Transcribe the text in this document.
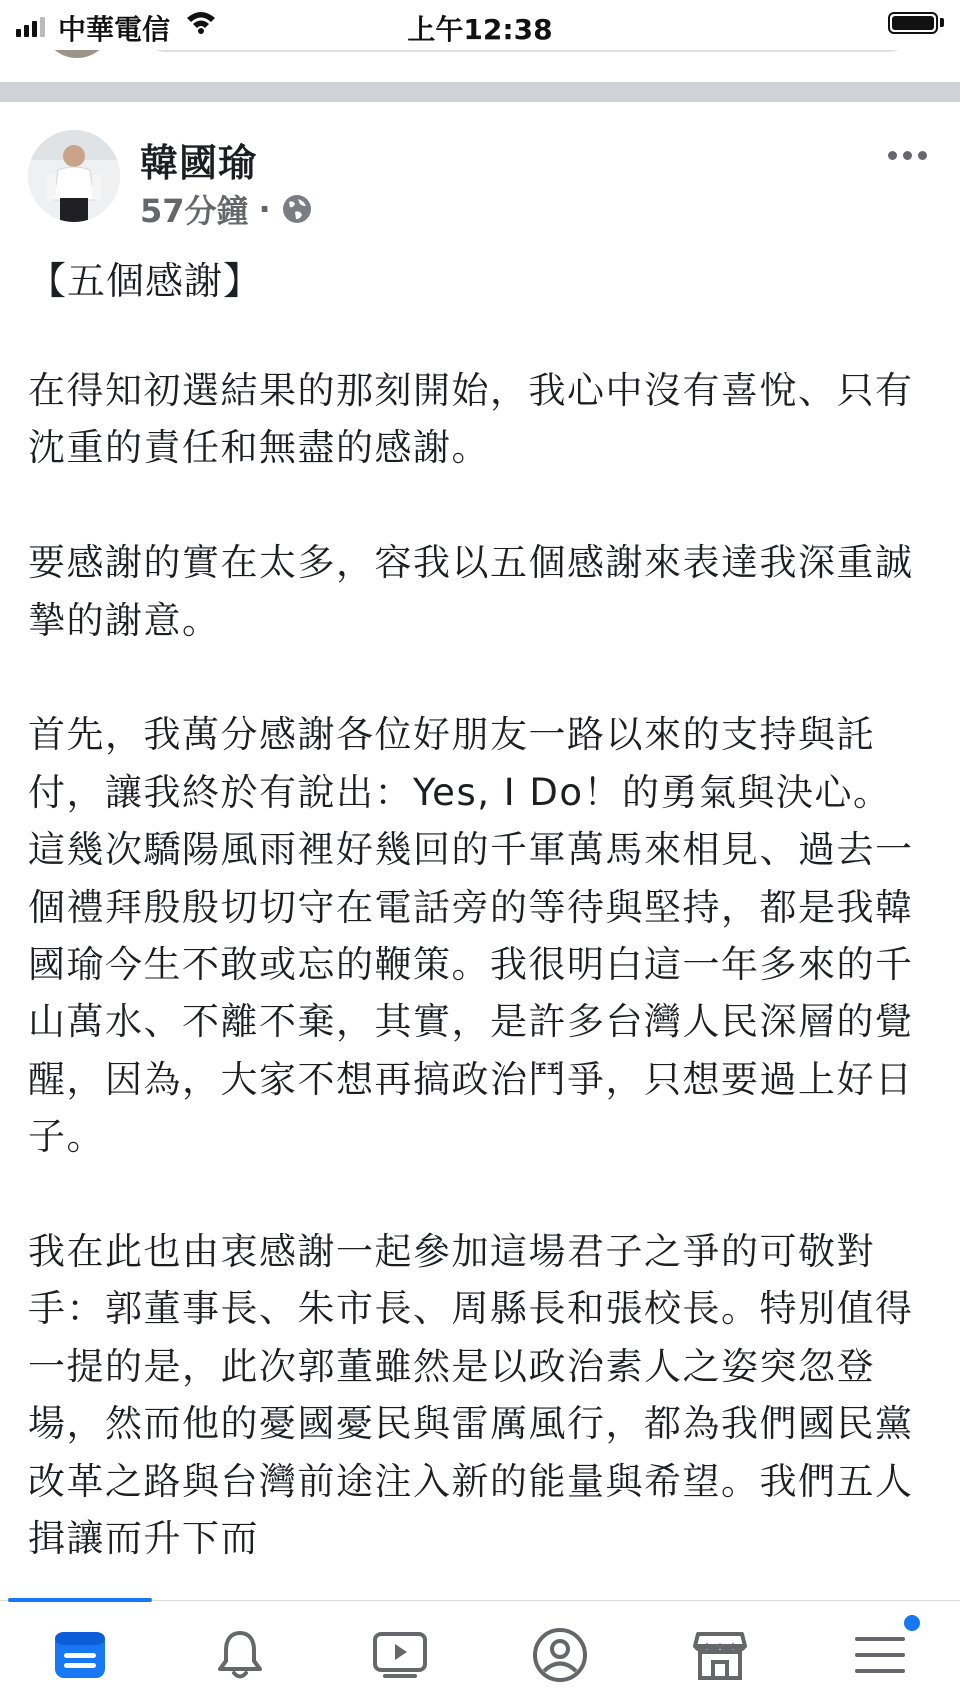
中華電信	上午12:38
韓國瑜
57分鐘 ·
【五個感謝】

在得知初選結果的那刻開始，我心中沒有喜悅、只有沈重的責任和無盡的感謝。

要感謝的實在太多，容我以五個感謝來表達我深重誠摯的謝意。

首先，我萬分感謝各位好朋友一路以來的支持與託付，讓我終於有說出：Yes, I Do！的勇氣與決心。這幾次驕陽風雨裡好幾回的千軍萬馬來相見、過去一個禮拜殷殷切切守在電話旁的等待與堅持，都是我韓國瑜今生不敢或忘的鞭策。我很明白這一年多來的千山萬水、不離不棄，其實，是許多台灣人民深層的覺醒，因為，大家不想再搞政治鬥爭，只想要過上好日子。

我在此也由衷感謝一起參加這場君子之爭的可敬對手：郭董事長、朱市長、周縣長和張校長。特別值得一提的是，此次郭董雖然是以政治素人之姿突忽登場，然而他的憂國憂民與雷厲風行，都為我們國民黨改革之路與台灣前途注入新的能量與希望。我們五人揖讓而升下而
